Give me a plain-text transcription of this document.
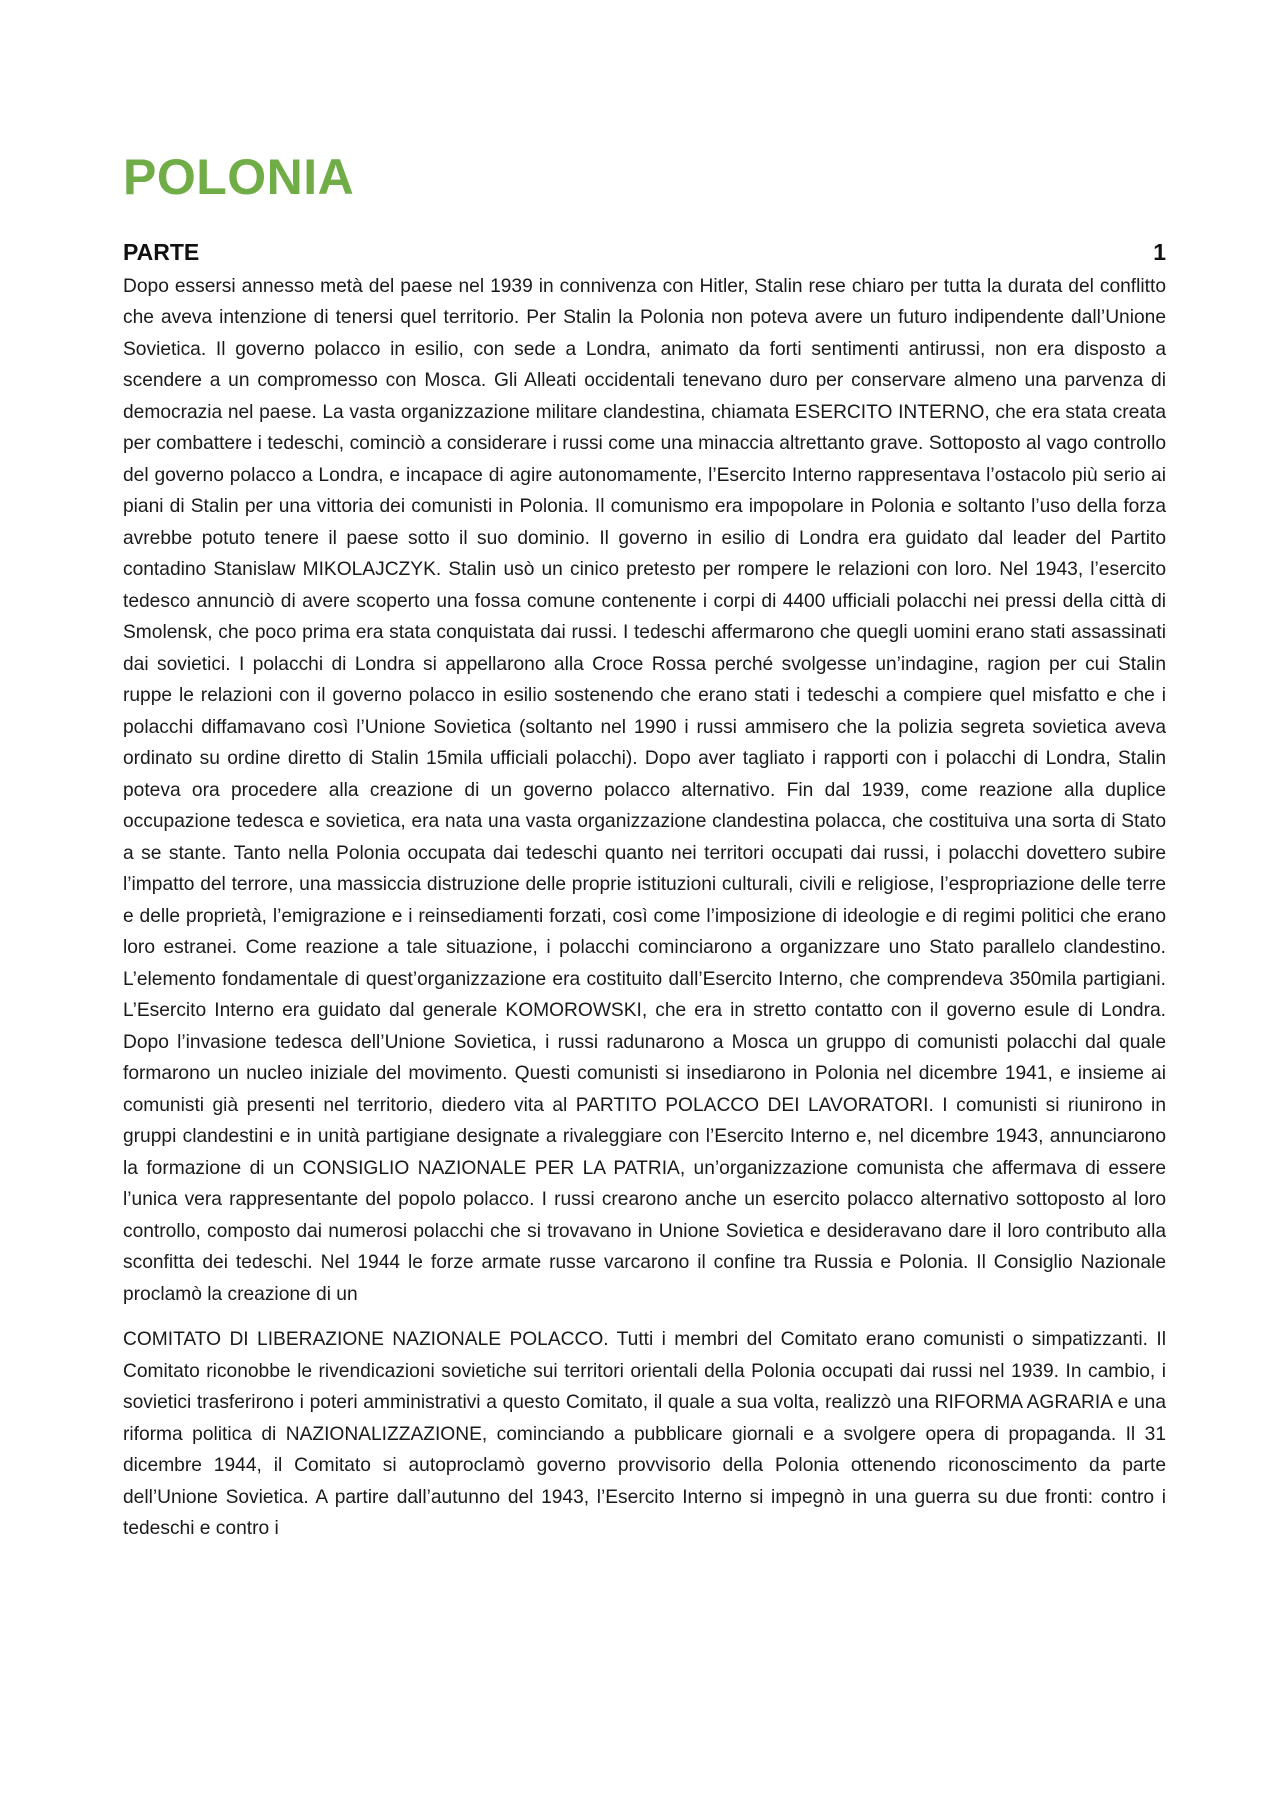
POLONIA
PARTE	1

Dopo essersi annesso metà del paese nel 1939 in connivenza con Hitler, Stalin rese chiaro per tutta la durata del conflitto che aveva intenzione di tenersi quel territorio. Per Stalin la Polonia non poteva avere un futuro indipendente dall’Unione Sovietica. Il governo polacco in esilio, con sede a Londra, animato da forti sentimenti antirussi, non era disposto a scendere a un compromesso con Mosca. Gli Alleati occidentali tenevano duro per conservare almeno una parvenza di democrazia nel paese. La vasta organizzazione militare clandestina, chiamata ESERCITO INTERNO, che era stata creata per combattere i tedeschi, cominciò a considerare i russi come una minaccia altrettanto grave. Sottoposto al vago controllo del governo polacco a Londra, e incapace di agire autonomamente, l’Esercito Interno rappresentava l’ostacolo più serio ai piani di Stalin per una vittoria dei comunisti in Polonia. Il comunismo era impopolare in Polonia e soltanto l’uso della forza avrebbe potuto tenere il paese sotto il suo dominio. Il governo in esilio di Londra era guidato dal leader del Partito contadino Stanislaw MIKOLAJCZYK. Stalin usò un cinico pretesto per rompere le relazioni con loro. Nel 1943, l’esercito tedesco annunciò di avere scoperto una fossa comune contenente i corpi di 4400 ufficiali polacchi nei pressi della città di Smolensk, che poco prima era stata conquistata dai russi. I tedeschi affermarono che quegli uomini erano stati assassinati dai sovietici. I polacchi di Londra si appellarono alla Croce Rossa perché svolgesse un’indagine, ragion per cui Stalin ruppe le relazioni con il governo polacco in esilio sostenendo che erano stati i tedeschi a compiere quel misfatto e che i polacchi diffamavano così l’Unione Sovietica (soltanto nel 1990 i russi ammisero che la polizia segreta sovietica aveva ordinato su ordine diretto di Stalin 15mila ufficiali polacchi). Dopo aver tagliato i rapporti con i polacchi di Londra, Stalin poteva ora procedere alla creazione di un governo polacco alternativo. Fin dal 1939, come reazione alla duplice occupazione tedesca e sovietica, era nata una vasta organizzazione clandestina polacca, che costituiva una sorta di Stato a se stante. Tanto nella Polonia occupata dai tedeschi quanto nei territori occupati dai russi, i polacchi dovettero subire l’impatto del terrore, una massiccia distruzione delle proprie istituzioni culturali, civili e religiose, l’espropriazione delle terre e delle proprietà, l’emigrazione e i reinsediamenti forzati, così come l’imposizione di ideologie e di regimi politici che erano loro estranei. Come reazione a tale situazione, i polacchi cominciarono a organizzare uno Stato parallelo clandestino. L’elemento fondamentale di quest’organizzazione era costituito dall’Esercito Interno, che comprendeva 350mila partigiani. L’Esercito Interno era guidato dal generale KOMOROWSKI, che era in stretto contatto con il governo esule di Londra. Dopo l’invasione tedesca dell’Unione Sovietica, i russi radunarono a Mosca un gruppo di comunisti polacchi dal quale formarono un nucleo iniziale del movimento. Questi comunisti si insediarono in Polonia nel dicembre 1941, e insieme ai comunisti già presenti nel territorio, diedero vita al PARTITO POLACCO DEI LAVORATORI. I comunisti si riunirono in gruppi clandestini e in unità partigiane designate a rivaleggiare con l’Esercito Interno e, nel dicembre 1943, annunciarono la formazione di un CONSIGLIO NAZIONALE PER LA PATRIA, un’organizzazione comunista che affermava di essere l’unica vera rappresentante del popolo polacco. I russi crearono anche un esercito polacco alternativo sottoposto al loro controllo, composto dai numerosi polacchi che si trovavano in Unione Sovietica e desideravano dare il loro contributo alla sconfitta dei tedeschi. Nel 1944 le forze armate russe varcarono il confine tra Russia e Polonia. Il Consiglio Nazionale proclamò la creazione di un

COMITATO DI LIBERAZIONE NAZIONALE POLACCO. Tutti i membri del Comitato erano comunisti o simpatizzanti. Il Comitato riconobbe le rivendicazioni sovietiche sui territori orientali della Polonia occupati dai russi nel 1939. In cambio, i sovietici trasferirono i poteri amministrativi a questo Comitato, il quale a sua volta, realizzò una RIFORMA AGRARIA e una riforma politica di NAZIONALIZZAZIONE, cominciando a pubblicare giornali e a svolgere opera di propaganda. Il 31 dicembre 1944, il Comitato si autoproclamò governo provvisorio della Polonia ottenendo riconoscimento da parte dell’Unione Sovietica. A partire dall’autunno del 1943, l’Esercito Interno si impegnò in una guerra su due fronti: contro i tedeschi e contro i
